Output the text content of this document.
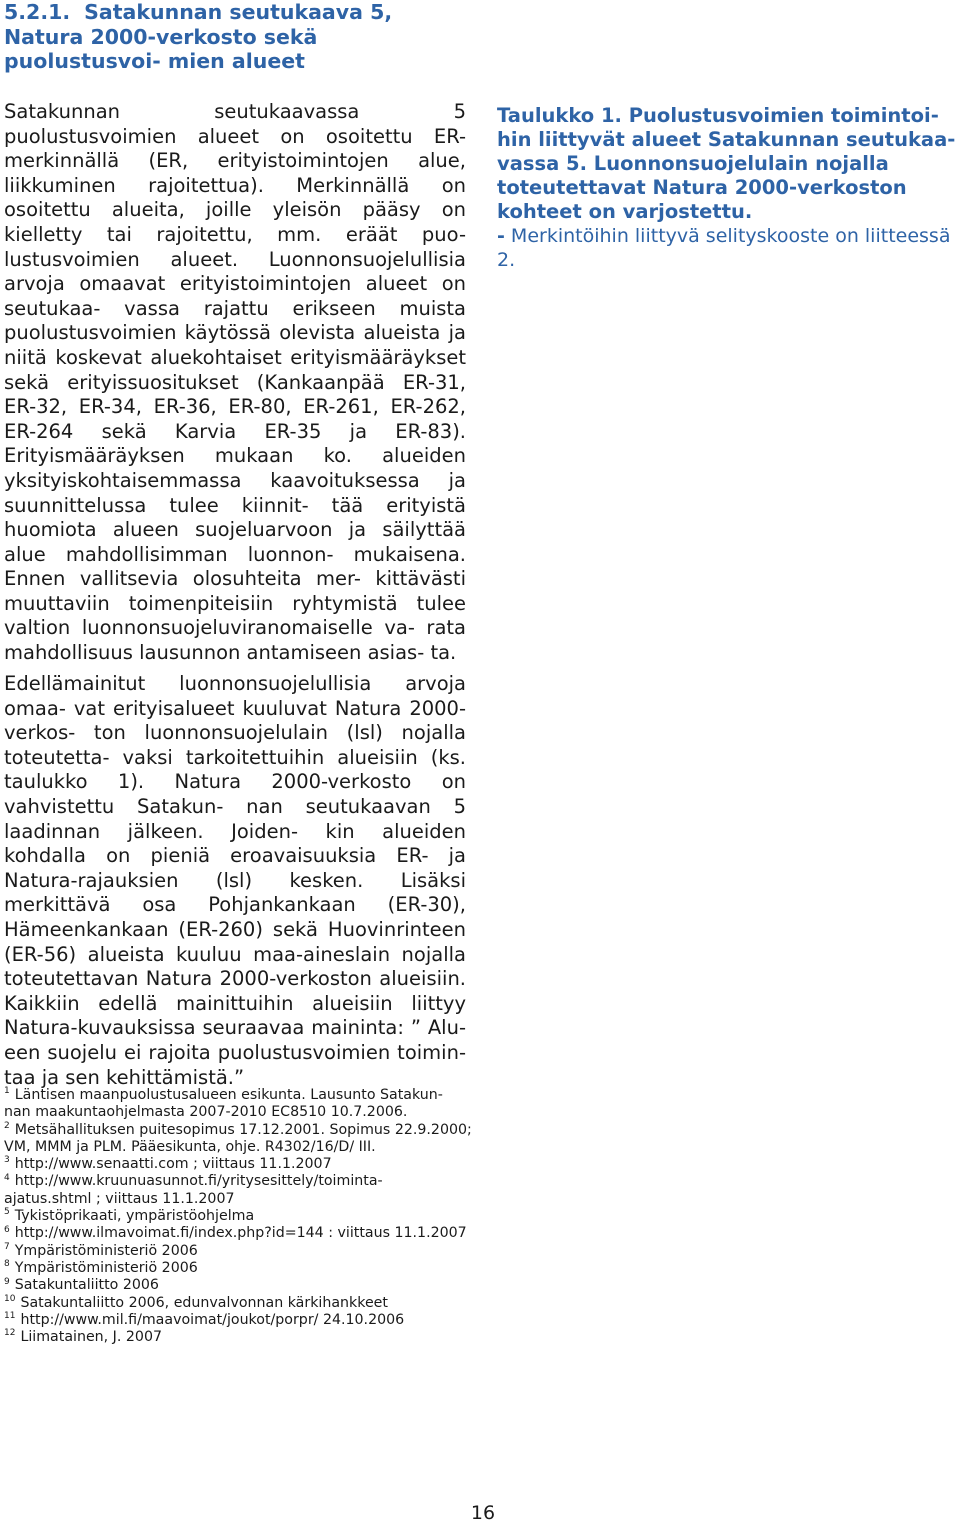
5.2.1. Satakunnan seutukaava 5, Natura 2000-verkosto sekä puolustusvoi- mien alueet

Satakunnan seutukaavassa 5 puolustusvoimien alueet on osoitettu ER-merkinnällä (ER, erityistoimintojen alue, liikkuminen rajoitettua). Merkinnällä on osoitettu alueita, joille yleisön pääsy on kielletty tai rajoitettu, mm. eräät puo- lustusvoimien alueet. Luonnonsuojelullisia arvoja omaavat erityistoimintojen alueet on seutukaa- vassa rajattu erikseen muista puolustusvoimien käytössä olevista alueista ja niitä koskevat aluekohtaiset erityismääräykset sekä erityissuositukset (Kankaanpää ER-31, ER-32, ER-34, ER-36, ER-80, ER-261, ER-262, ER-264 sekä Karvia ER-35 ja ER-83). Erityismääräyksen mukaan ko. alueiden yksityiskohtaisemmassa kaavoituksessa ja suunnittelussa tulee kiinnit- tää erityistä huomiota alueen suojeluarvoon ja säilyttää alue mahdollisimman luonnon- mukaisena. Ennen vallitsevia olosuhteita mer- kittävästi muuttaviin toimenpiteisiin ryhtymistä tulee valtion luonnonsuojeluviranomaiselle va- rata mahdollisuus lausunnon antamiseen asias- ta.

Edellämainitut luonnonsuojelullisia arvoja omaa- vat erityisalueet kuuluvat Natura 2000-verkos- ton luonnonsuojelulain (lsl) nojalla toteutetta- vaksi tarkoitettuihin alueisiin (ks. taulukko 1). Natura 2000-verkosto on vahvistettu Satakun- nan seutukaavan 5 laadinnan jälkeen. Joiden- kin alueiden kohdalla on pieniä eroavaisuuksia ER- ja Natura-rajauksien (lsl) kesken. Lisäksi merkittävä osa Pohjankankaan (ER-30), Hämeenkankaan (ER-260) sekä Huovinrinteen (ER-56) alueista kuuluu maa-aineslain nojalla toteutettavan Natura 2000-verkoston alueisiin. Kaikkiin edellä mainittuihin alueisiin liittyy Natura-kuvauksissa seuraavaa maininta: ” Alu- een suojelu ei rajoita puolustusvoimien toimin- taa ja sen kehittämistä.”

Taulukko 1. Puolustusvoimien toimintoi- hin liittyvät alueet Satakunnan seutukaa- vassa 5. Luonnonsuojelulain nojalla toteutettavat Natura 2000-verkoston kohteet on varjostettu.

- Merkintöihin liittyvä selityskooste on liitteessä 2.

$^1$ Läntisen maanpuolustusalueen esikunta. Lausunto Satakun- nan maakuntaohjelmasta 2007-2010 EC8510 10.7.2006.
$^2$ Metsähallituksen puitesopimus 17.12.2001. Sopimus 22.9.2000; VM, MMM ja PLM. Pääesikunta, ohje. R4302/16/D/ III.
$^3$ http://www.senaatti.com ; viittaus 11.1.2007
$^4$ http://www.kruunuasunnot.fi/yritysesittely/toiminta- ajatus.shtml ; viittaus 11.1.2007
$^5$ Tykistöprikaati, ympäristöohjelma
$^6$ http://www.ilmavoimat.fi/index.php?id=144 : viittaus 11.1.2007
$^7$ Ympäristöministeriö 2006
$^8$ Ympäristöministeriö 2006
$^9$ Satakuntaliitto 2006
$^{10}$ Satakuntaliitto 2006, edunvalvonnan kärkihankkeet
$^{11}$ http://www.mil.fi/maavoimat/joukot/porpr/ 24.10.2006
$^{12}$ Liimatainen, J. 2007
16
